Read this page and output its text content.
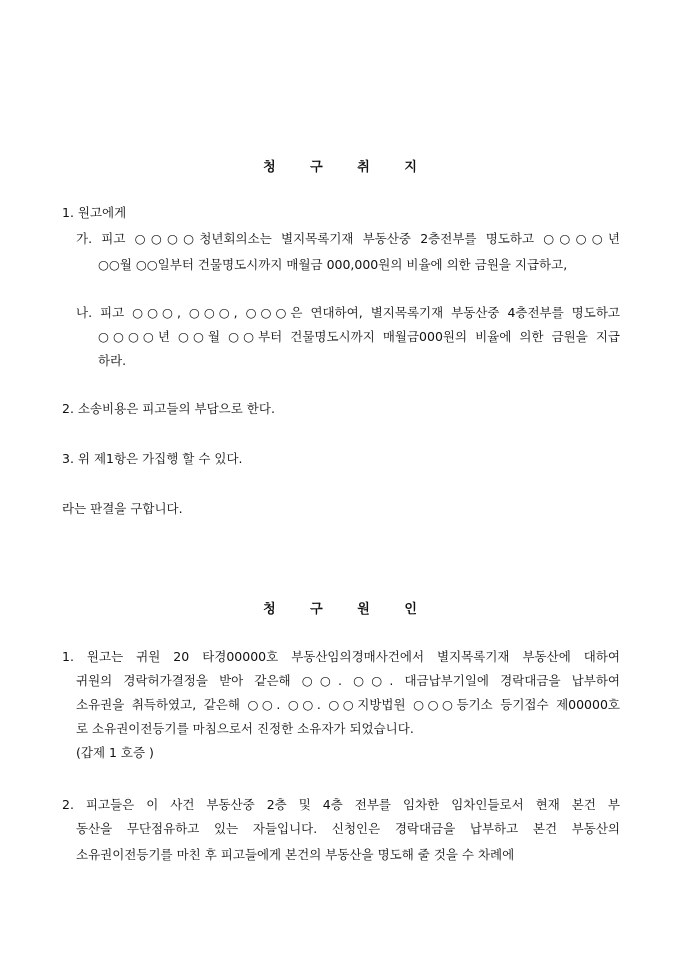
청 구 취 지
1. 원고에게
가. 피고 ○○○○청년회의소는 별지목록기재 부동산중 2층전부를 명도하고 ○○○○년
○○월 ○○일부터 건물명도시까지 매월금 000,000원의 비율에 의한 금원을 지급하고,
나. 피고 ○○○, ○○○, ○○○은 연대하여, 별지목록기재 부동산중 4층전부를 명도하고
○○○○년 ○○월 ○○부터 건물명도시까지 매월금000원의 비율에 의한 금원을 지급
하라.
2. 소송비용은 피고들의 부담으로 한다.
3. 위 제1항은 가집행 할 수 있다.
라는 판결을 구합니다.
청 구 원 인
1. 원고는 귀원 20 타경00000호 부동산임의경매사건에서 별지목록기재 부동산에 대하여
귀원의 경락허가결정을 받아 같은해 ○○. ○○. 대금납부기일에 경락대금을 납부하여
소유권을 취득하였고, 같은해 ○○. ○○. ○○지방법원 ○○○등기소 등기접수 제00000호
로 소유권이전등기를 마침으로서 진정한 소유자가 되었습니다.
(갑제 1 호증 )
2. 피고들은 이 사건 부동산중 2층 및 4층 전부를 임차한 임차인들로서 현재 본건 부
동산을 무단점유하고 있는 자들입니다. 신청인은 경락대금을 납부하고 본건 부동산의
소유권이전등기를 마친 후 피고들에게 본건의 부동산을 명도해 줄 것을 수 차례에
